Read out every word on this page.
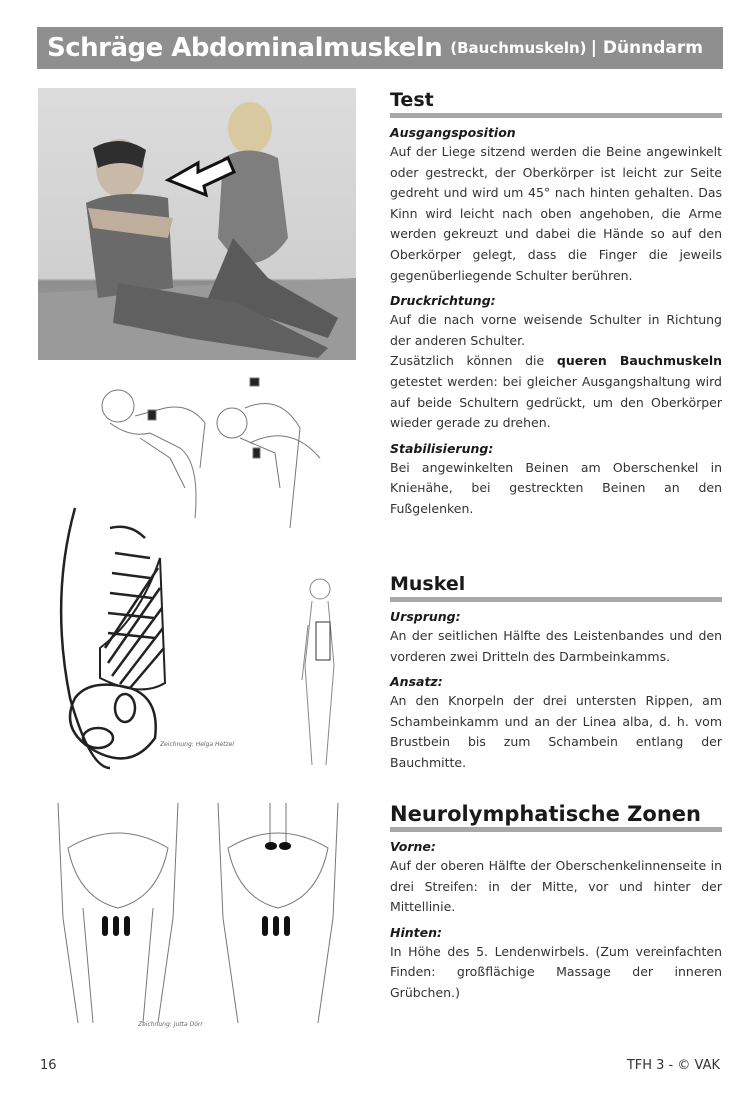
Schräge Abdominalmuskeln (Bauchmuskeln) | Dünndarm
Zeichnung: Helga Hetzel
Zeichnung: Jutta Dörr
Test
Ausgangsposition
Auf der Liege sitzend werden die Beine angewinkelt oder gestreckt, der Oberkörper ist leicht zur Seite gedreht und wird um 45° nach hinten gehalten. Das Kinn wird leicht nach oben angehoben, die Arme werden gekreuzt und dabei die Hände so auf den Oberkörper gelegt, dass die Finger die jeweils gegenüberliegende Schulter berühren.
Druckrichtung:
Auf die nach vorne weisende Schulter in Richtung der anderen Schulter.
Zusätzlich können die queren Bauchmuskeln getestet werden: bei gleicher Ausgangshaltung wird auf beide Schultern gedrückt, um den Oberkörper wieder gerade zu drehen.
Stabilisierung:
Bei angewinkelten Beinen am Oberschenkel in Kniенähe, bei gestreckten Beinen an den Fußgelenken.
Muskel
Ursprung:
An der seitlichen Hälfte des Leistenbandes und den vorderen zwei Dritteln des Darmbeinkamms.
Ansatz:
An den Knorpeln der drei untersten Rippen, am Schambeinkamm und an der Linea alba, d. h. vom Brustbein bis zum Schambein entlang der Bauchmitte.
Neurolymphatische Zonen
Vorne:
Auf der oberen Hälfte der Oberschenkelinnenseite in drei Streifen: in der Mitte, vor und hinter der Mittellinie.
Hinten:
In Höhe des 5. Lendenwirbels. (Zum vereinfachten Finden: großflächige Massage der inneren Grübchen.)
16	TFH 3 - © VAK
